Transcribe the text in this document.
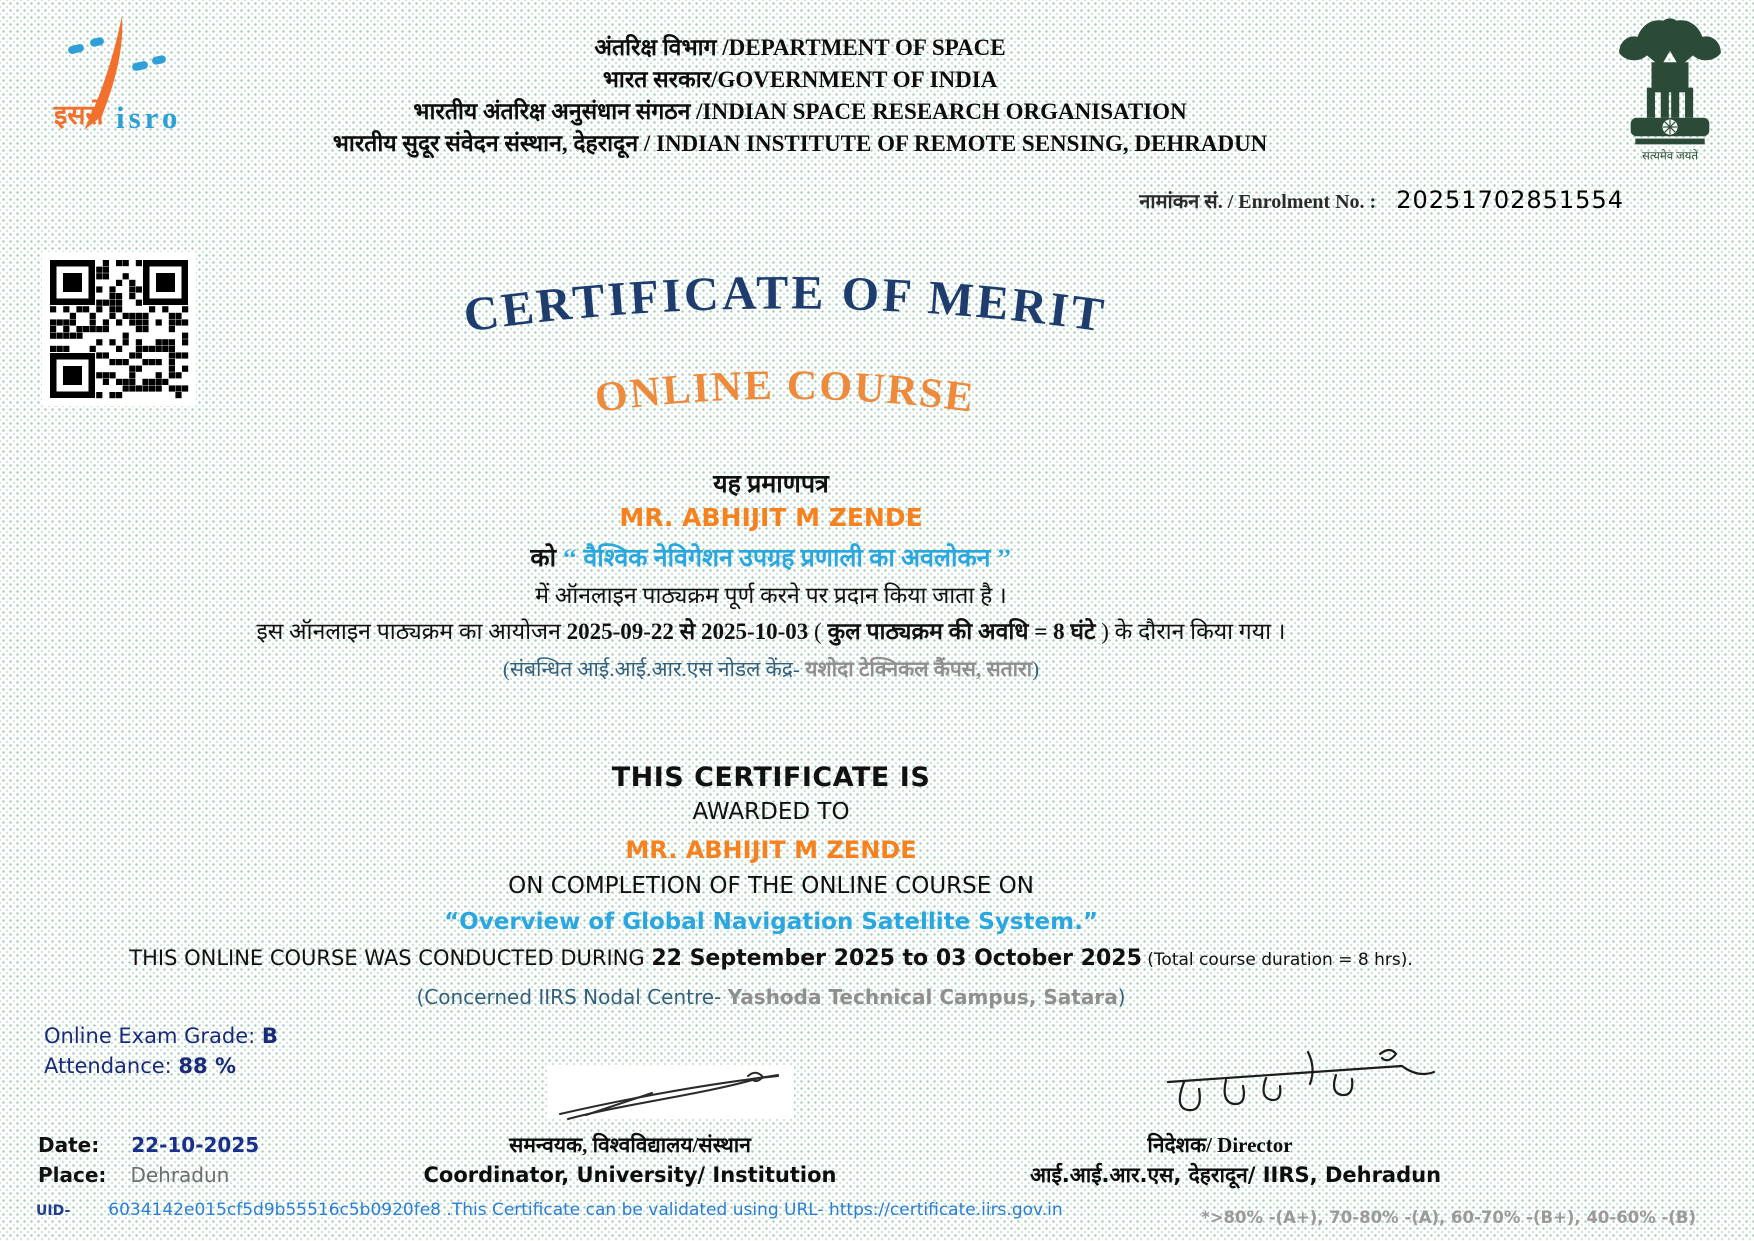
इसरो isro
सत्यमेव जयते
अंतरिक्ष विभाग /DEPARTMENT OF SPACE
भारत सरकार/GOVERNMENT OF INDIA
भारतीय अंतरिक्ष अनुसंधान संगठन /INDIAN SPACE RESEARCH ORGANISATION
भारतीय सुदूर संवेदन संस्थान, देहरादून / INDIAN INSTITUTE OF REMOTE SENSING, DEHRADUN
नामांकन सं. / Enrolment No. : 20251702851554
CERTIFICATE OF MERIT
ONLINE COURSE
यह प्रमाणपत्र
MR. ABHIJIT M ZENDE
को ‘‘ वैश्विक नेविगेशन उपग्रह प्रणाली का अवलोकन ’’
में ऑनलाइन पाठ्यक्रम पूर्ण करने पर प्रदान किया जाता है ।
इस ऑनलाइन पाठ्यक्रम का आयोजन 2025-09-22 से 2025-10-03 ( कुल पाठ्यक्रम की अवधि = 8 घंटे ) के दौरान किया गया ।
(संबन्धित आई.आई.आर.एस नोडल केंद्र- यशोदा टेक्निकल कैंपस, सतारा)
THIS CERTIFICATE IS
AWARDED TO
MR. ABHIJIT M ZENDE
ON COMPLETION OF THE ONLINE COURSE ON
“Overview of Global Navigation Satellite System.”
THIS ONLINE COURSE WAS CONDUCTED DURING 22 September 2025 to 03 October 2025 (Total course duration = 8 hrs).
(Concerned IIRS Nodal Centre- Yashoda Technical Campus, Satara)
Online Exam Grade: B
Attendance: 88 %
Date: 22-10-2025
Place: Dehradun
समन्वयक, विश्वविद्यालय/संस्थान
Coordinator, University/ Institution
निदेशक/ Director
आई.आई.आर.एस, देहरादून/ IIRS, Dehradun
UID- 6034142e015cf5d9b55516c5b0920fe8 .This Certificate can be validated using URL- https://certificate.iirs.gov.in	*>80% -(A+), 70-80% -(A), 60-70% -(B+), 40-60% -(B)
